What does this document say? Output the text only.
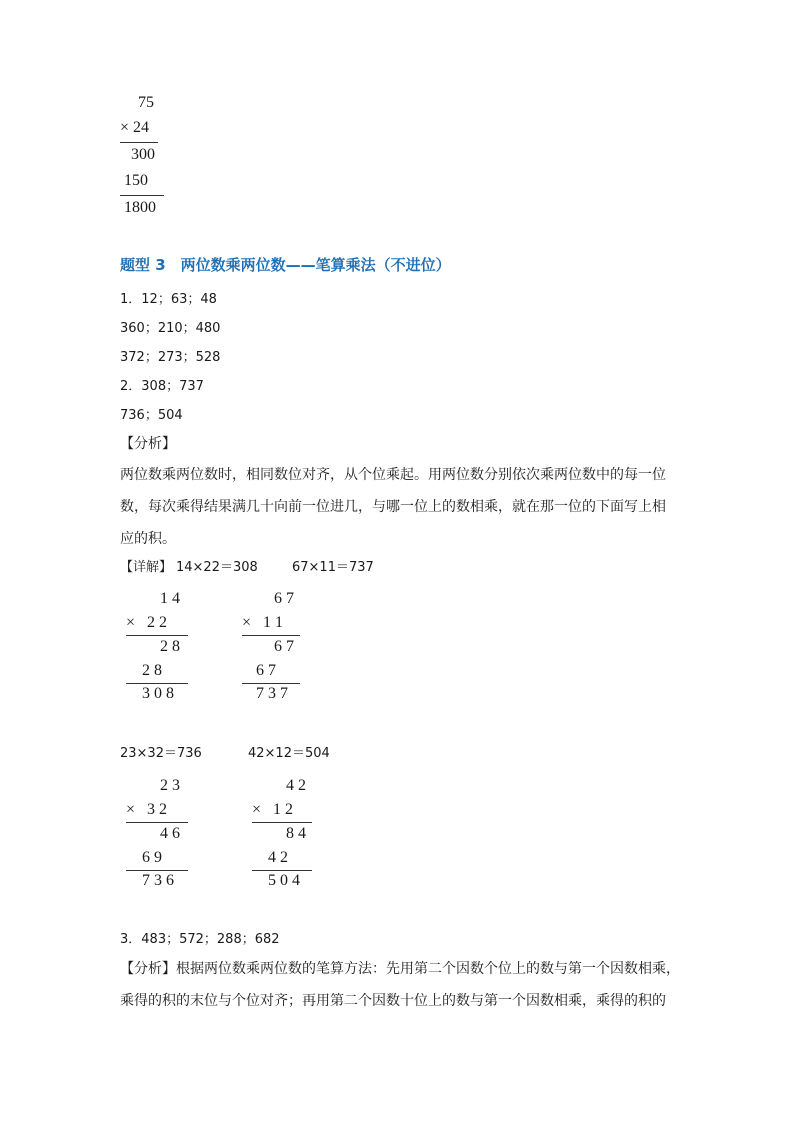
75
× 24
300
150
1800
题型 3　两位数乘两位数——笔算乘法（不进位）
1．12；63；48
360；210；480
372；273；528
2．308；737
736；504
【分析】
两位数乘两位数时，相同数位对齐，从个位乘起。用两位数分别依次乘两位数中的每一位
数，每次乘得结果满几十向前一位进几，与哪一位上的数相乘，就在那一位的下面写上相
应的积。
【详解】 14×22＝308	67×11＝737
1 4
×   2 2
2 8
2 8
3 0 8
6 7
×   1 1
6 7
6 7
7 3 7
23×32＝736	42×12＝504
2 3
×   3 2
4 6
6 9
7 3 6
4 2
×   1 2
8 4
4 2
5 0 4
3．483；572；288；682
【分析】 根据两位数乘两位数的笔算方法：先用第二个因数个位上的数与第一个因数相乘，
乘得的积的末位与个位对齐；再用第二个因数十位上的数与第一个因数相乘，乘得的积的
